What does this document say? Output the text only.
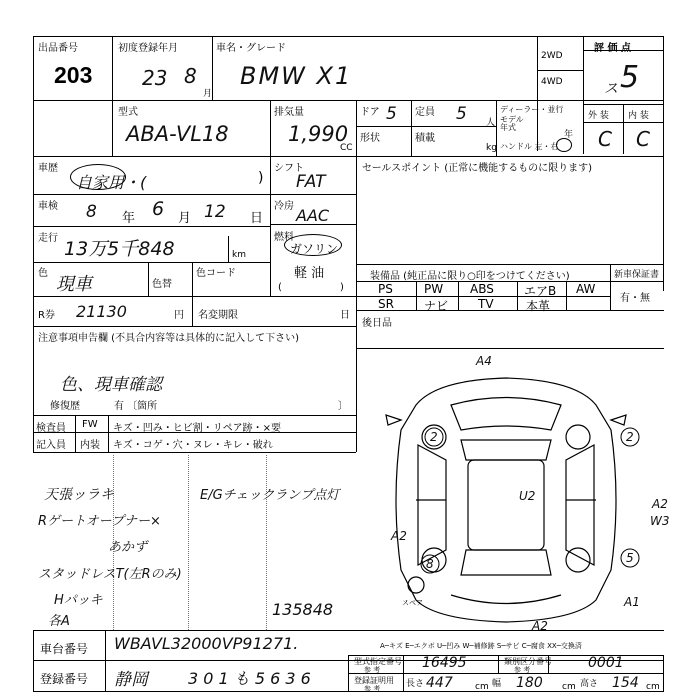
出品番号
203
初度登録年月
23 8
月
車名・グレード
BMW X1
2WD
4WD
評 価 点
ス 5
外 装 内 装
C C
型式
ABA-VL18
排気量
1,990
CC
ドア 5
形状
定員 5 人
積載
kg
ディーラー・並行
モデル年式
年
ハンドル 左・右
車歴
自家用・(	)
車検 8 年 6 月 12 日
走行 13万5千848	km
色
現車	色替
色コード
シフト
FAT
冷房 AAC
燃料
ガソリン
軽 油
(	)
R券 21130	円 名変期限	日
セールスポイント (正常に機能するものに限ります)
装備品 (純正品に限り○印をつけてください)	新車保証書
有・無
PS	PW ABS	エアB AW
SR	ナビ TV	本革
後日品
注意事項申告欄 (不具合内容等は具体的に記入して下さい)
色、現車確認
修復歴	有 〔箇所	〕
検査員
記入員
FW
内装
キズ・凹み・ヒビ割・リペア跡・×要
キズ・コゲ・穴・ヌレ・キレ・破れ
天張ッラキ	E/Gチェックランプ点灯
Rゲートオープナー×
あかず
スタッドレスT(左Rのみ)
Hパッキ
各A
135848
A4
2	2
U2
A2
W3
A2
8	5
A1
A2
スペア
A─キズ E─エクボ U─凹み W─補修跡 S─サビ C─腐食 XX─交換済
車台番号 WBAVL32000VP91271.
登録番号 静岡	3 0 1 も 5 6 3 6
型式指定番号
参 考	16495	類別区分番号
参 考	0001
登録証明用
参 考	長さ 447 cm 幅 180 cm 高さ 154 cm
